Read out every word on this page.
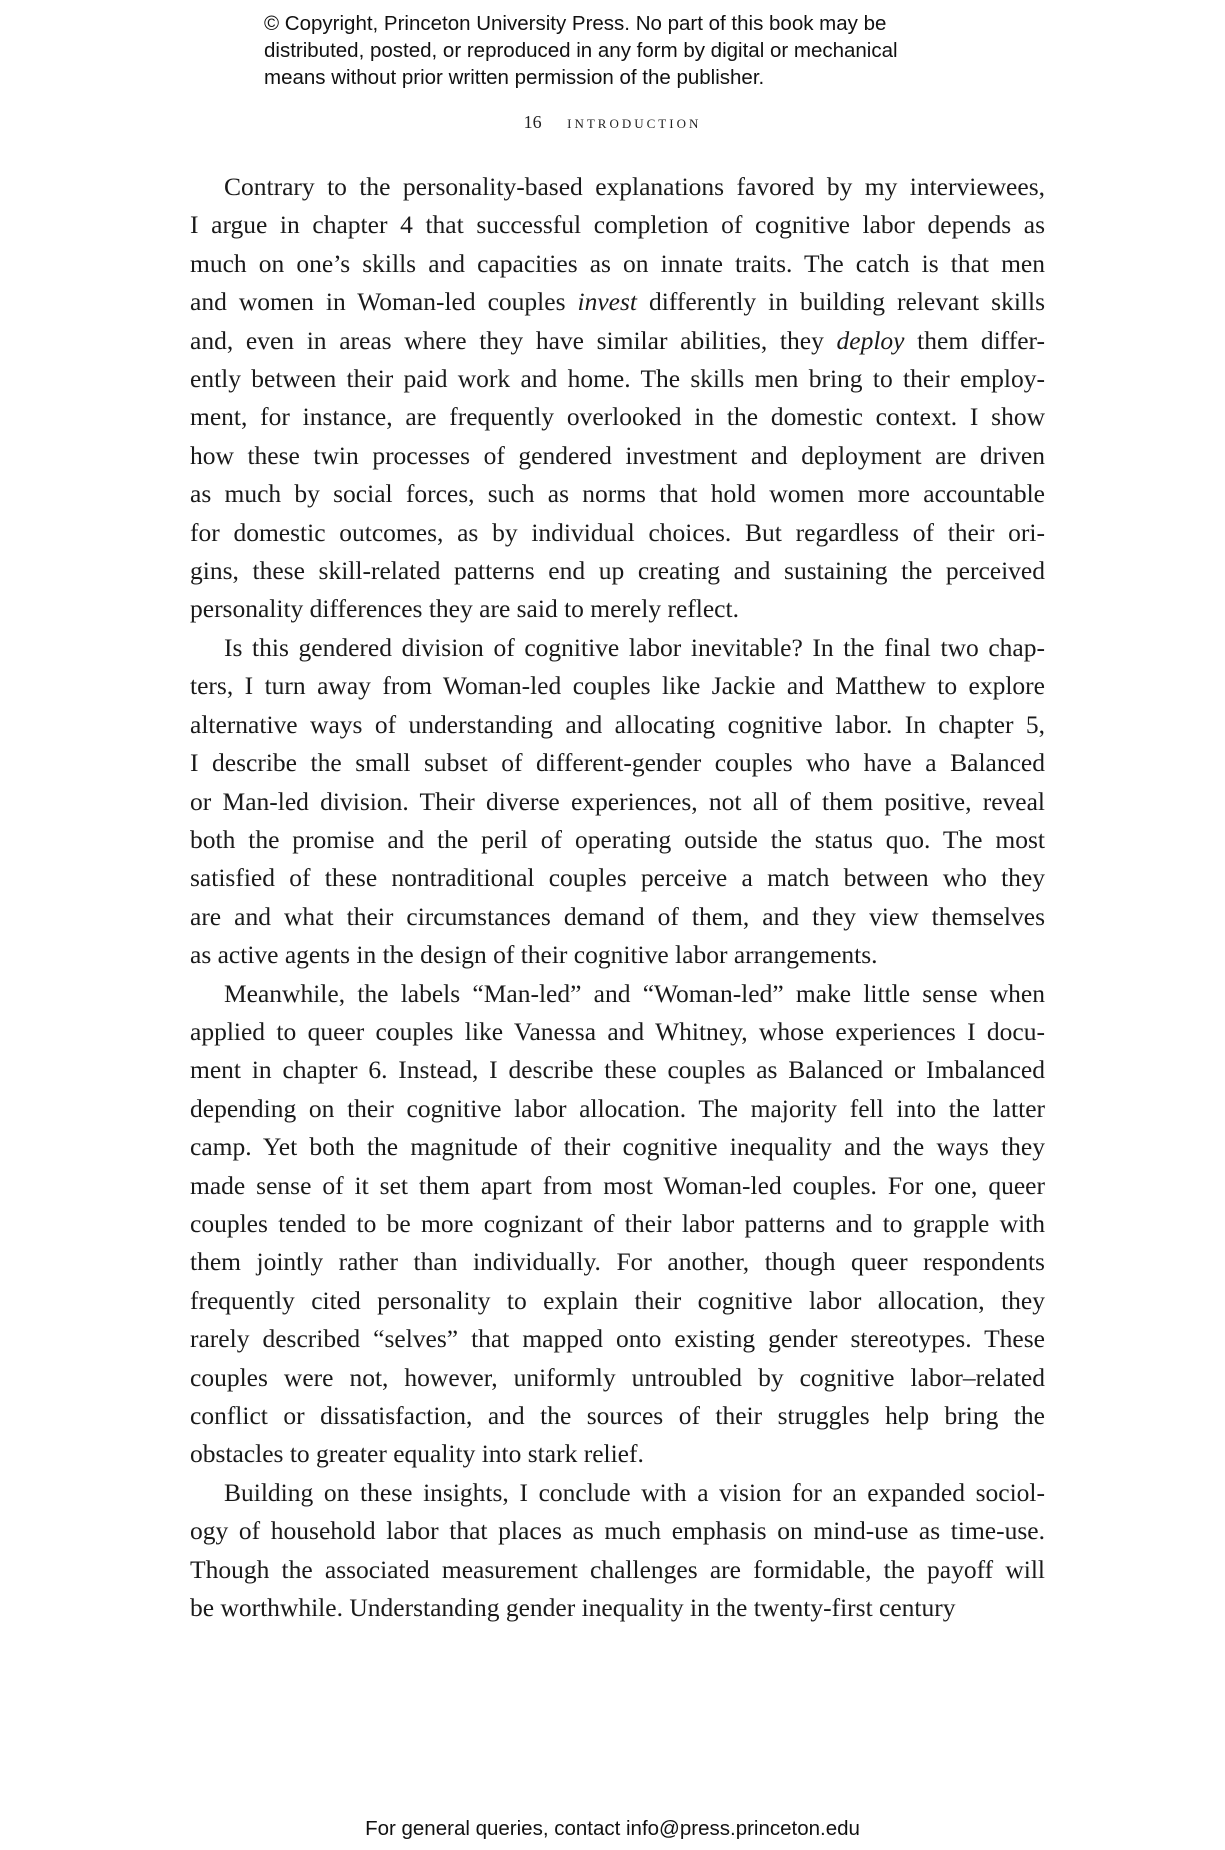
© Copyright, Princeton University Press. No part of this book may be
distributed, posted, or reproduced in any form by digital or mechanical
means without prior written permission of the publisher.
16 introduction
Contrary to the personality-based explanations favored by my interviewees,
I argue in chapter 4 that successful completion of cognitive labor depends as
much on one’s skills and capacities as on innate traits. The catch is that men
and women in Woman-led couples invest differently in building relevant skills
and, even in areas where they have similar abilities, they deploy them differ-
ently between their paid work and home. The skills men bring to their employ-
ment, for instance, are frequently overlooked in the domestic context. I show
how these twin processes of gendered investment and deployment are driven
as much by social forces, such as norms that hold women more accountable
for domestic outcomes, as by individual choices. But regardless of their ori-
gins, these skill-related patterns end up creating and sustaining the perceived
personality differences they are said to merely reflect.
Is this gendered division of cognitive labor inevitable? In the final two chap-
ters, I turn away from Woman-led couples like Jackie and Matthew to explore
alternative ways of understanding and allocating cognitive labor. In chapter 5,
I describe the small subset of different-gender couples who have a Balanced
or Man-led division. Their diverse experiences, not all of them positive, reveal
both the promise and the peril of operating outside the status quo. The most
satisfied of these nontraditional couples perceive a match between who they
are and what their circumstances demand of them, and they view themselves
as active agents in the design of their cognitive labor arrangements.
Meanwhile, the labels “Man-led” and “Woman-led” make little sense when
applied to queer couples like Vanessa and Whitney, whose experiences I docu-
ment in chapter 6. Instead, I describe these couples as Balanced or Imbalanced
depending on their cognitive labor allocation. The majority fell into the latter
camp. Yet both the magnitude of their cognitive inequality and the ways they
made sense of it set them apart from most Woman-led couples. For one, queer
couples tended to be more cognizant of their labor patterns and to grapple with
them jointly rather than individually. For another, though queer respondents
frequently cited personality to explain their cognitive labor allocation, they
rarely described “selves” that mapped onto existing gender stereotypes. These
couples were not, however, uniformly untroubled by cognitive labor–related
conflict or dissatisfaction, and the sources of their struggles help bring the
obstacles to greater equality into stark relief.
Building on these insights, I conclude with a vision for an expanded sociol-
ogy of household labor that places as much emphasis on mind-use as time-use.
Though the associated measurement challenges are formidable, the payoff will
be worthwhile. Understanding gender inequality in the twenty-first century
For general queries, contact info@press.princeton.edu
